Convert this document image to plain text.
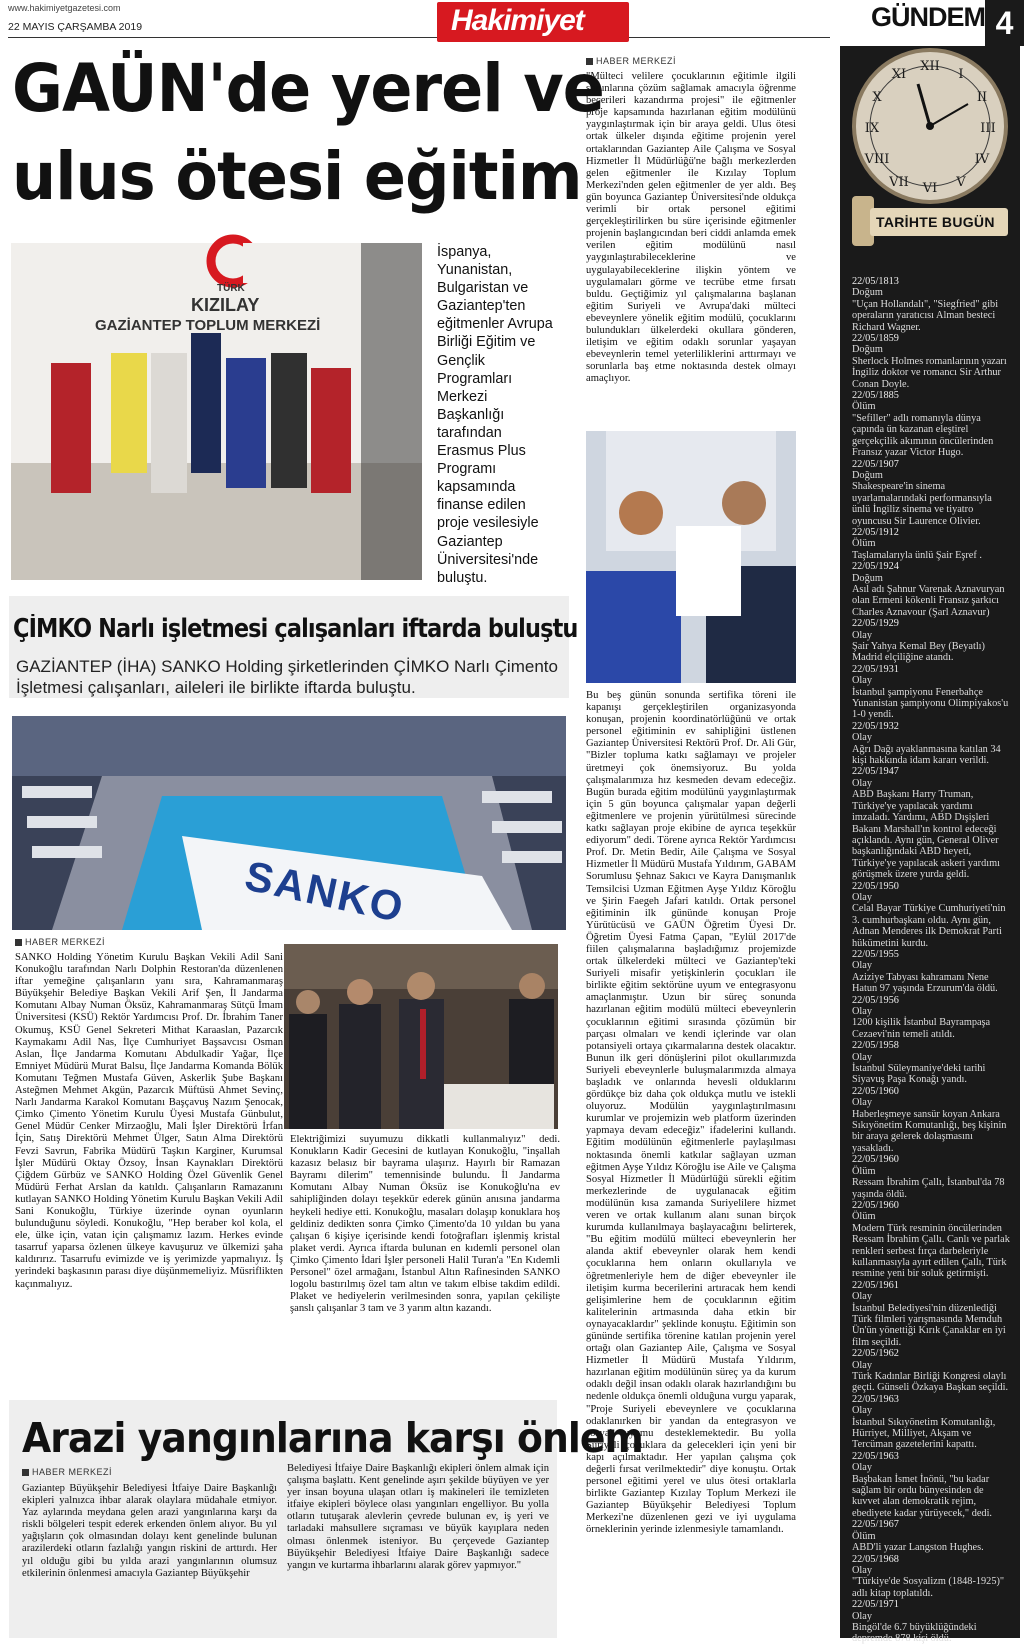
www.hakimiyetgazetesi.com
22 MAYIS ÇARŞAMBA 2019	Hakimiyet	GÜNDEM 4
GAÜN'de yerel ve
ulus ötesi eğitim
TÜRK
KIZILAY
GAZİANTEP TOPLUM MERKEZİ
İspanya, Yunanistan, Bulgaristan ve Gaziantep'ten eğitmenler Avrupa Birliği Eğitim ve Gençlik Programları Merkezi Başkanlığı tarafından Erasmus Plus Programı kapsamında finanse edilen proje vesilesiyle Gaziantep Üniversitesi'nde buluştu.
HABER MERKEZİ
"Mülteci velilere çocuklarının eğitimle ilgili sorunlarına çözüm sağlamak amacıyla öğrenme becerileri kazandırma projesi" ile eğitmenler proje kapsamında hazırlanan eğitim modülünü yaygınlaştırmak için bir araya geldi. Ulus ötesi ortak ülkeler dışında eğitime projenin yerel ortaklarından Gaziantep Aile Çalışma ve Sosyal Hizmetler İl Müdürlüğü'ne bağlı merkezlerden gelen eğitmenler ile Kızılay Toplum Merkezi'nden gelen eğitmenler de yer aldı. Beş gün boyunca Gaziantep Üniversitesi'nde oldukça verimli bir ortak personel eğitimi gerçekleştirilirken bu süre içerisinde eğitmenler projenin başlangıcından beri ciddi anlamda emek verilen eğitim modülünü nasıl yaygınlaştırabileceklerine ve uygulayabileceklerine ilişkin yöntem ve uygulamaları görme ve tecrübe etme fırsatı buldu. Geçtiğimiz yıl çalışmalarına başlanan eğitim Suriyeli ve Avrupa'daki mülteci ebeveynlere yönelik eğitim modülü, çocuklarını bulundukları ülkelerdeki okullara gönderen, iletişim ve eğitim odaklı sorunlar yaşayan ebeveynlerin temel yeterliliklerini arttırmayı ve sorunlarla baş etme noktasında destek olmayı amaçlıyor.
Bu beş günün sonunda sertifika töreni ile kapanışı gerçekleştirilen organizasyonda konuşan, projenin koordinatörlüğünü ve ortak personel eğitiminin ev sahipliğini üstlenen Gaziantep Üniversitesi Rektörü Prof. Dr. Ali Gür, "Bizler topluma katkı sağlamayı ve projeler üretmeyi çok önemsiyoruz. Bu yolda çalışmalarımıza hız kesmeden devam edeceğiz. Bugün burada eğitim modülünü yaygınlaştırmak için 5 gün boyunca çalışmalar yapan değerli eğitmenlere ve projenin yürütülmesi sürecinde katkı sağlayan proje ekibine de ayrıca teşekkür ediyorum" dedi. Törene ayrıca Rektör Yardımcısı Prof. Dr. Metin Bedir, Aile Çalışma ve Sosyal Hizmetler İl Müdürü Mustafa Yıldırım, GABAM Sorumlusu Şehnaz Sakıcı ve Kayra Danışmanlık Temsilcisi Uzman Eğitmen Ayşe Yıldız Köroğlu ve Şirin Faegeh Jafari katıldı. Ortak personel eğitiminin ilk gününde konuşan Proje Yürütücüsü ve GAÜN Öğretim Üyesi Dr. Öğretim Üyesi Fatma Çapan, "Eylül 2017'de fiilen çalışmalarına başladığımız projemizde ortak ülkelerdeki mülteci ve Gaziantep'teki Suriyeli misafir yetişkinlerin çocukları ile birlikte eğitim sektörüne uyum ve entegrasyonu amaçlanmıştır. Uzun bir süreç sonunda hazırlanan eğitim modülü mülteci ebeveynlerin çocuklarının eğitimi sırasında çözümün bir parçası olmaları ve kendi içlerinde var olan potansiyeli ortaya çıkarmalarına destek olacaktır. Bunun ilk geri dönüşlerini pilot okullarımızda Suriyeli ebeveynlerle buluşmalarımızda almaya başladık ve onlarında hevesli olduklarını gördükçe biz daha çok oldukça mutlu ve istekli oluyoruz. Modülün yaygınlaştırılmasını kurumlar ve projemizin web platform üzerinden yapmaya devam edeceğiz" ifadelerini kullandı. Eğitim modülünün eğitmenlerle paylaşılması noktasında önemli katkılar sağlayan uzman eğitmen Ayşe Yıldız Köroğlu ise Aile ve Çalışma Sosyal Hizmetler İl Müdürlüğü sürekli eğitim merkezlerinde de uygulanacak eğitim modülünün kısa zamanda Suriyelilere hizmet veren ve ortak kullanım alanı sunan birçok kurumda kullanılmaya başlayacağını belirterek, "Bu eğitim modülü mülteci ebeveynlerin her alanda aktif ebeveynler olarak hem kendi çocuklarına hem onların okullarıyla ve öğretmenleriyle hem de diğer ebeveynler ile iletişim kurma becerilerini artıracak hem kendi gelişimlerine hem de çocuklarının eğitim kalitelerinin artmasında daha etkin bir oynayacaklardır" şeklinde konuştu. Eğitimin son gününde sertifika törenine katılan projenin yerel ortağı olan Gaziantep Aile, Çalışma ve Sosyal Hizmetler İl Müdürü Mustafa Yıldırım, hazırlanan eğitim modülünün süreç ya da kurum odaklı değil insan odaklı olarak hazırlandığını bu nedenle oldukça önemli olduğuna vurgu yaparak, "Proje Suriyeli ebeveynlere ve çocuklarına odaklanırken bir yandan da entegrasyon ve sosyal uyumu desteklemektedir. Bu yolla Suriyeli çocuklara da gelecekleri için yeni bir kapı açılmaktadır. Her yapılan çalışma çok değerli fırsat verilmektedir" diye konuştu. Ortak personel eğitimi yerel ve ulus ötesi ortaklarla birlikte Gaziantep Kızılay Toplum Merkezi ile Gaziantep Büyükşehir Belediyesi Toplum Merkezi'ne düzenlenen gezi ve iyi uygulama örneklerinin yerinde izlenmesiyle tamamlandı.
ÇİMKO Narlı işletmesi çalışanları iftarda buluştu
GAZİANTEP (İHA) SANKO Holding şirketlerinden ÇİMKO Narlı Çimento İşletmesi çalışanları, aileleri ile birlikte iftarda buluştu.
SANKO
HABER MERKEZİ
SANKO Holding Yönetim Kurulu Başkan Vekili Adil Sani Konukoğlu tarafından Narlı Dolphin Restoran'da düzenlenen iftar yemeğine çalışanların yanı sıra, Kahramanmaraş Büyükşehir Belediye Başkan Vekili Arif Şen, İl Jandarma Komutanı Albay Numan Öksüz, Kahramanmaraş Sütçü İmam Üniversitesi (KSÜ) Rektör Yardımcısı Prof. Dr. İbrahim Taner Okumuş, KSÜ Genel Sekreteri Mithat Karaaslan, Pazarcık Kaymakamı Adil Nas, İlçe Cumhuriyet Başsavcısı Osman Aslan, İlçe Jandarma Komutanı Abdulkadir Yağar, İlçe Emniyet Müdürü Murat Balsu, İlçe Jandarma Komanda Bölük Komutanı Teğmen Mustafa Güven, Askerlik Şube Başkanı Asteğmen Mehmet Akgün, Pazarcık Müftüsü Ahmet Sevinç, Narlı Jandarma Karakol Komutanı Başçavuş Nazım Şenocak, Çimko Çimento Yönetim Kurulu Üyesi Mustafa Günbulut, Genel Müdür Cenker Mirzaoğlu, Mali İşler Direktörü İrfan İçin, Satış Direktörü Mehmet Ülger, Satın Alma Direktörü Fevzi Savrun, Fabrika Müdürü Taşkın Karginer, Kurumsal İşler Müdürü Oktay Özsoy, İnsan Kaynakları Direktörü Çiğdem Gürbüz ve SANKO Holding Özel Güvenlik Genel Müdürü Ferhat Arslan da katıldı. Çalışanların Ramazanını kutlayan SANKO Holding Yönetim Kurulu Başkan Vekili Adil Sani Konukoğlu, Türkiye üzerinde oynan oyunların bulunduğunu söyledi. Konukoğlu, "Hep beraber kol kola, el ele, ülke için, vatan için çalışmamız lazım. Herkes evinde tasarruf yaparsa özlenen ülkeye kavuşuruz ve ülkemizi şaha kaldırırız. Tasarrufu evimizde ve iş yerimizde yapmalıyız. İş yerindeki başkasının parası diye düşünmemeliyiz. Müsriflikten kaçınmalıyız.
Elektriğimizi suyumuzu dikkatli kullanmalıyız" dedi. Konukların Kadir Gecesini de kutlayan Konukoğlu, "inşallah kazasız belasız bir bayrama ulaşırız. Hayırlı bir Ramazan Bayramı dilerim" temennisinde bulundu. İl Jandarma Komutanı Albay Numan Öksüz ise Konukoğlu'na ev sahipliğinden dolayı teşekkür ederek günün anısına jandarma heykeli hediye etti. Konukoğlu, masaları dolaşıp konuklara hoş geldiniz dedikten sonra Çimko Çimento'da 10 yıldan bu yana çalışan 6 kişiye içerisinde kendi fotoğrafları işlenmiş kristal plaket verdi. Ayrıca iftarda bulunan en kıdemli personel olan Çimko Çimento İdari İşler personeli Halil Turan'a "En Kıdemli Personel" özel armağanı, İstanbul Altın Rafinesinden SANKO logolu bastırılmış özel tam altın ve takım elbise takdim edildi. Plaket ve hediyelerin verilmesinden sonra, yapılan çekilişte şanslı çalışanlar 3 tam ve 3 yarım altın kazandı.
Arazi yangınlarına karşı önlem
HABER MERKEZİ
Gaziantep Büyükşehir Belediyesi İtfaiye Daire Başkanlığı ekipleri yalnızca ihbar alarak olaylara müdahale etmiyor. Yaz aylarında meydana gelen arazi yangınlarına karşı da riskli bölgeleri tespit ederek erkenden önlem alıyor. Bu yıl yağışların çok olmasından dolayı kent genelinde bulunan arazilerdeki otların fazlalığı yangın riskini de arttırdı. Her yıl olduğu gibi bu yılda arazi yangınlarının olumsuz etkilerinin önlenmesi amacıyla Gaziantep Büyükşehir
Belediyesi İtfaiye Daire Başkanlığı ekipleri önlem almak için çalışma başlattı. Kent genelinde aşırı şekilde büyüyen ve yer yer insan boyuna ulaşan otları iş makineleri ile temizleten itfaiye ekipleri böylece olası yangınları engelliyor. Bu yolla otların tutuşarak alevlerin çevrede bulunan ev, iş yeri ve tarladaki mahsullere sıçraması ve büyük kayıplara neden olması önlenmek isteniyor. Bu çerçevede Gaziantep Büyükşehir Belediyesi İtfaiye Daire Başkanlığı sadece yangın ve kurtarma ihbarlarını alarak görev yapmıyor."
XII
III
VI
IX
I
II
IV
V
VII
VIII
X
XI
TARİHTE BUGÜN
22/05/1813
Doğum
"Uçan Hollandalı", "Siegfried" gibi operaların yaratıcısı Alman besteci Richard Wagner.
22/05/1859
Doğum
Sherlock Holmes romanlarının yazarı İngiliz doktor ve romancı Sir Arthur Conan Doyle.
22/05/1885
Ölüm
"Sefiller" adlı romanıyla dünya çapında ün kazanan eleştirel gerçekçilik akımının öncülerinden Fransız yazar Victor Hugo.
22/05/1907
Doğum
Shakespeare'in sinema uyarlamalarındaki performansıyla ünlü İngiliz sinema ve tiyatro oyuncusu Sir Laurence Olivier.
22/05/1912
Ölüm
Taşlamalarıyla ünlü Şair Eşref .
22/05/1924
Doğum
Asıl adı Şahnur Varenak Aznavuryan olan Ermeni kökenli Fransız şarkıcı Charles Aznavour (Şarl Aznavur)
22/05/1929
Olay
Şair Yahya Kemal Bey (Beyatlı) Madrid elçiliğine atandı.
22/05/1931
Olay
İstanbul şampiyonu Fenerbahçe Yunanistan şampiyonu Olimpiyakos'u 1-0 yendi.
22/05/1932
Olay
Ağrı Dağı ayaklanmasına katılan 34 kişi hakkında idam kararı verildi.
22/05/1947
Olay
ABD Başkanı Harry Truman, Türkiye'ye yapılacak yardımı imzaladı. Yardımı, ABD Dışişleri Bakanı Marshall'ın kontrol edeceği açıklandı. Aynı gün, General Oliver başkanlığındaki ABD heyeti, Türkiye'ye yapılacak askeri yardımı görüşmek üzere yurda geldi.
22/05/1950
Olay
Celal Bayar Türkiye Cumhuriyeti'nin 3. cumhurbaşkanı oldu. Aynı gün, Adnan Menderes ilk Demokrat Parti hükümetini kurdu.
22/05/1955
Olay
Aziziye Tabyası kahramanı Nene Hatun 97 yaşında Erzurum'da öldü.
22/05/1956
Olay
1200 kişilik İstanbul Bayrampaşa Cezaevi'nin temeli atıldı.
22/05/1958
Olay
İstanbul Süleymaniye'deki tarihi Siyavuş Paşa Konağı yandı.
22/05/1960
Olay
Haberleşmeye sansür koyan Ankara Sıkıyönetim Komutanlığı, beş kişinin bir araya gelerek dolaşmasını yasakladı.
22/05/1960
Ölüm
Ressam İbrahim Çallı, İstanbul'da 78 yaşında öldü.
22/05/1960
Ölüm
Modern Türk resminin öncülerinden Ressam İbrahim Çallı. Canlı ve parlak renkleri serbest fırça darbeleriyle kullanmasıyla ayırt edilen Çallı, Türk resmine yeni bir soluk getirmişti.
22/05/1961
Olay
İstanbul Belediyesi'nin düzenlediği Türk filmleri yarışmasında Memduh Ün'ün yönettiği Kırık Çanaklar en iyi film seçildi.
22/05/1962
Olay
Türk Kadınlar Birliği Kongresi olaylı geçti. Günseli Özkaya Başkan seçildi.
22/05/1963
Olay
İstanbul Sıkıyönetim Komutanlığı, Hürriyet, Milliyet, Akşam ve Tercüman gazetelerini kapattı.
22/05/1963
Olay
Başbakan İsmet İnönü, "bu kadar sağlam bir ordu bünyesinden de kuvvet alan demokratik rejim, ebediyete kadar yürüyecek," dedi.
22/05/1967
Ölüm
ABD'li yazar Langston Hughes.
22/05/1968
Olay
"Türkiye'de Sosyalizm (1848-1925)" adlı kitap toplatıldı.
22/05/1971
Olay
Bingöl'de 6.7 büyüklüğündeki depremde 878 kişi öldü.
